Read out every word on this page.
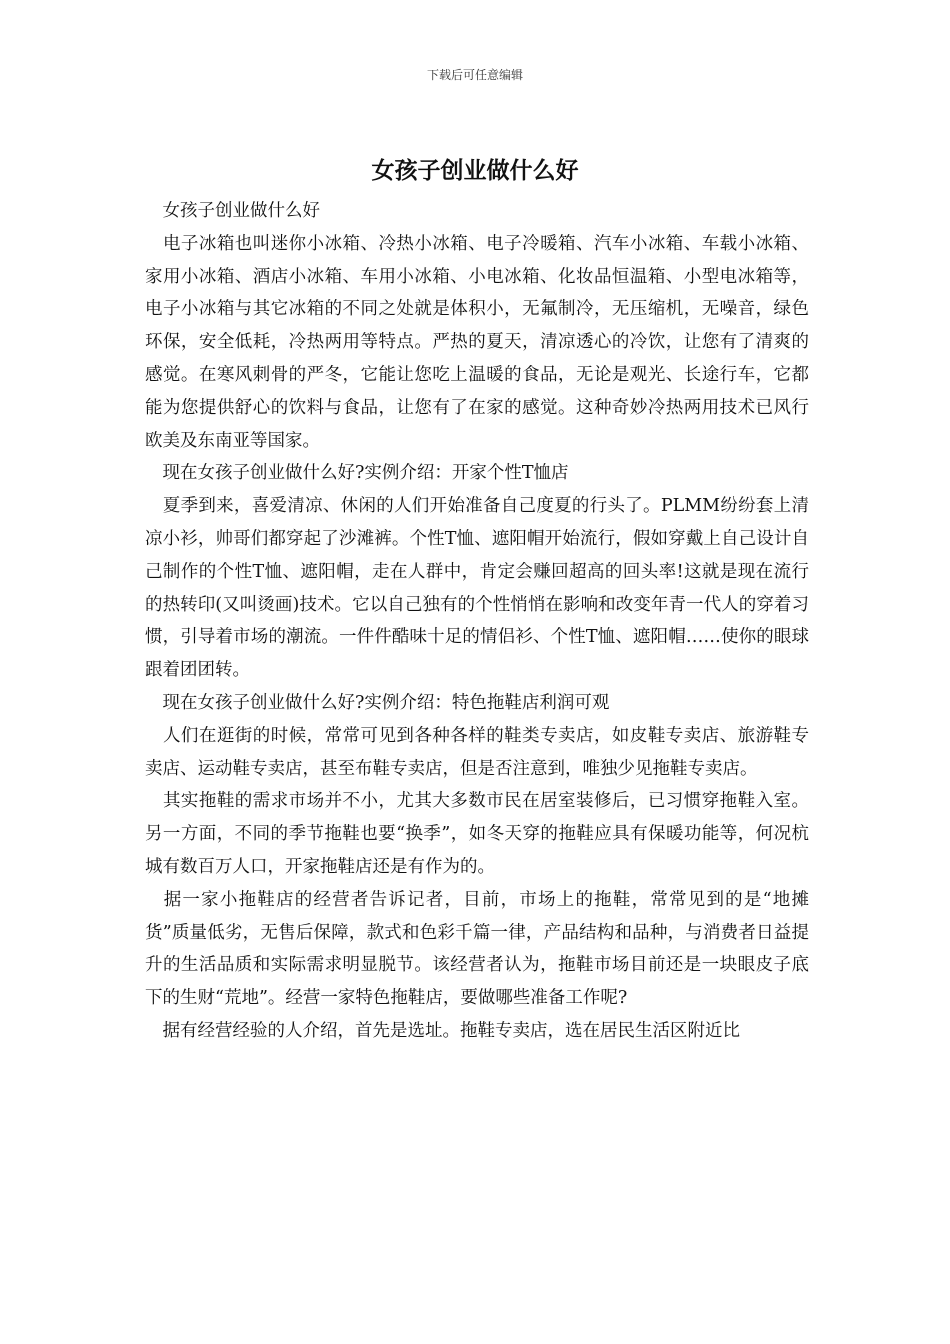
下载后可任意编辑
女孩子创业做什么好

　女孩子创业做什么好

　电子冰箱也叫迷你小冰箱、冷热小冰箱、电子冷暖箱、汽车小冰箱、车载小冰箱、家用小冰箱、酒店小冰箱、车用小冰箱、小电冰箱、化妆品恒温箱、小型电冰箱等，电子小冰箱与其它冰箱的不同之处就是体积小，无氟制冷，无压缩机，无噪音，绿色环保，安全低耗，冷热两用等特点。严热的夏天，清凉透心的冷饮，让您有了清爽的感觉。在寒风刺骨的严冬，它能让您吃上温暖的食品，无论是观光、长途行车，它都能为您提供舒心的饮料与食品，让您有了在家的感觉。这种奇妙冷热两用技术已风行欧美及东南亚等国家。

　现在女孩子创业做什么好?实例介绍：开家个性T恤店

　夏季到来，喜爱清凉、休闲的人们开始准备自己度夏的行头了。PLMM纷纷套上清凉小衫，帅哥们都穿起了沙滩裤。个性T恤、遮阳帽开始流行，假如穿戴上自己设计自己制作的个性T恤、遮阳帽，走在人群中，肯定会赚回超高的回头率!这就是现在流行的热转印(又叫烫画)技术。它以自己独有的个性悄悄在影响和改变年青一代人的穿着习惯，引导着市场的潮流。一件件酷味十足的情侣衫、个性T恤、遮阳帽……使你的眼球跟着团团转。

　现在女孩子创业做什么好?实例介绍：特色拖鞋店利润可观

　人们在逛街的时候，常常可见到各种各样的鞋类专卖店，如皮鞋专卖店、旅游鞋专卖店、运动鞋专卖店，甚至布鞋专卖店，但是否注意到，唯独少见拖鞋专卖店。

　其实拖鞋的需求市场并不小，尤其大多数市民在居室装修后，已习惯穿拖鞋入室。另一方面，不同的季节拖鞋也要“换季”，如冬天穿的拖鞋应具有保暖功能等，何况杭城有数百万人口，开家拖鞋店还是有作为的。

　据一家小拖鞋店的经营者告诉记者，目前，市场上的拖鞋，常常见到的是“地摊货”质量低劣，无售后保障，款式和色彩千篇一律，产品结构和品种，与消费者日益提升的生活品质和实际需求明显脱节。该经营者认为，拖鞋市场目前还是一块眼皮子底下的生财“荒地”。经营一家特色拖鞋店，要做哪些准备工作呢?

　据有经营经验的人介绍，首先是选址。拖鞋专卖店，选在居民生活区附近比
